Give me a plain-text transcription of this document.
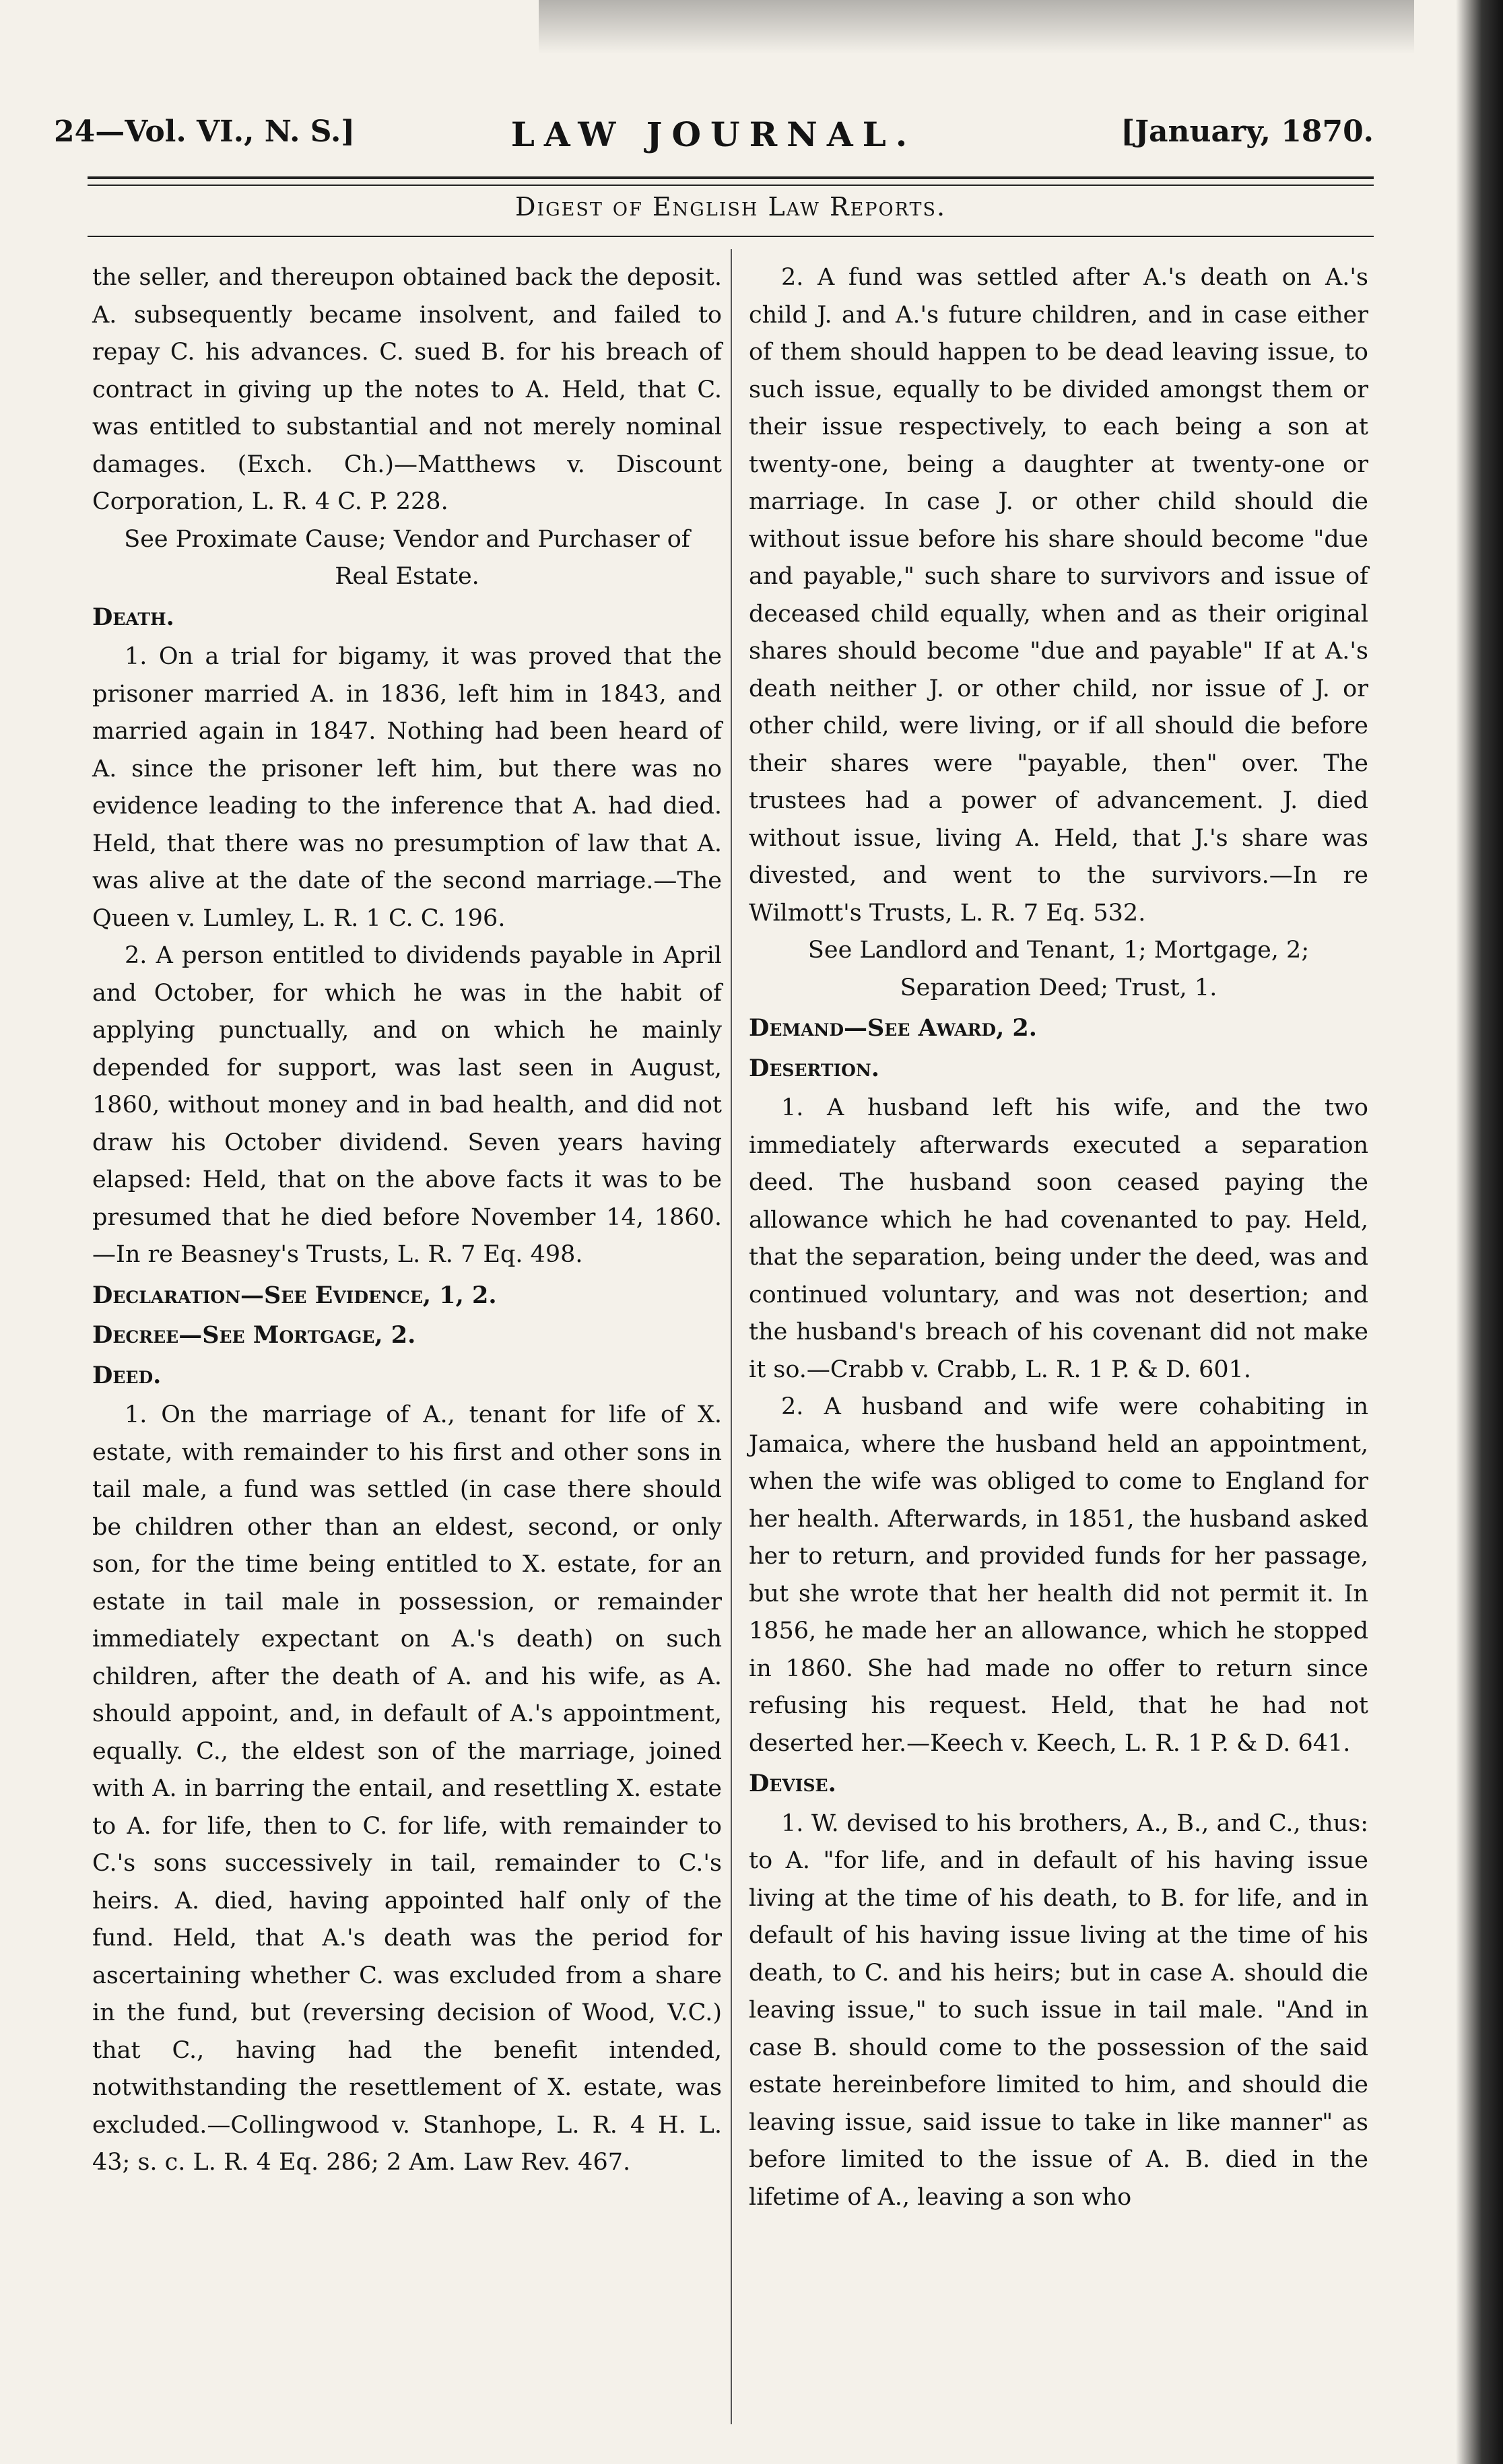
24—Vol. VI., N. S.]	LAW JOURNAL.	[January, 1870.
Digest of English Law Reports.

the seller, and thereupon obtained back the deposit. A. subsequently became insolvent, and failed to repay C. his advances. C. sued B. for his breach of contract in giving up the notes to A. Held, that C. was entitled to substantial and not merely nominal damages. (Exch. Ch.)—Matthews v. Discount Corporation, L. R. 4 C. P. 228.

See Proximate Cause; Vendor and Purchaser of Real Estate.

Death.

1. On a trial for bigamy, it was proved that the prisoner married A. in 1836, left him in 1843, and married again in 1847. Nothing had been heard of A. since the prisoner left him, but there was no evidence leading to the inference that A. had died. Held, that there was no presumption of law that A. was alive at the date of the second marriage.—The Queen v. Lumley, L. R. 1 C. C. 196.

2. A person entitled to dividends payable in April and October, for which he was in the habit of applying punctually, and on which he mainly depended for support, was last seen in August, 1860, without money and in bad health, and did not draw his October dividend. Seven years having elapsed: Held, that on the above facts it was to be presumed that he died before November 14, 1860.—In re Beasney's Trusts, L. R. 7 Eq. 498.

Declaration—See Evidence, 1, 2.

Decree—See Mortgage, 2.

Deed.

1. On the marriage of A., tenant for life of X. estate, with remainder to his first and other sons in tail male, a fund was settled (in case there should be children other than an eldest, second, or only son, for the time being entitled to X. estate, for an estate in tail male in possession, or remainder immediately expectant on A.'s death) on such children, after the death of A. and his wife, as A. should appoint, and, in default of A.'s appointment, equally. C., the eldest son of the marriage, joined with A. in barring the entail, and resettling X. estate to A. for life, then to C. for life, with remainder to C.'s sons successively in tail, remainder to C.'s heirs. A. died, having appointed half only of the fund. Held, that A.'s death was the period for ascertaining whether C. was excluded from a share in the fund, but (reversing decision of Wood, V.C.) that C., having had the benefit intended, notwithstanding the resettlement of X. estate, was excluded.—Collingwood v. Stanhope, L. R. 4 H. L. 43; s. c. L. R. 4 Eq. 286; 2 Am. Law Rev. 467.

2. A fund was settled after A.'s death on A.'s child J. and A.'s future children, and in case either of them should happen to be dead leaving issue, to such issue, equally to be divided amongst them or their issue respectively, to each being a son at twenty-one, being a daughter at twenty-one or marriage. In case J. or other child should die without issue before his share should become "due and payable," such share to survivors and issue of deceased child equally, when and as their original shares should become "due and payable" If at A.'s death neither J. or other child, nor issue of J. or other child, were living, or if all should die before their shares were "payable, then" over. The trustees had a power of advancement. J. died without issue, living A. Held, that J.'s share was divested, and went to the survivors.—In re Wilmott's Trusts, L. R. 7 Eq. 532.

See Landlord and Tenant, 1; Mortgage, 2; Separation Deed; Trust, 1.

Demand—See Award, 2.

Desertion.

1. A husband left his wife, and the two immediately afterwards executed a separation deed. The husband soon ceased paying the allowance which he had covenanted to pay. Held, that the separation, being under the deed, was and continued voluntary, and was not desertion; and the husband's breach of his covenant did not make it so.—Crabb v. Crabb, L. R. 1 P. & D. 601.

2. A husband and wife were cohabiting in Jamaica, where the husband held an appointment, when the wife was obliged to come to England for her health. Afterwards, in 1851, the husband asked her to return, and provided funds for her passage, but she wrote that her health did not permit it. In 1856, he made her an allowance, which he stopped in 1860. She had made no offer to return since refusing his request. Held, that he had not deserted her.—Keech v. Keech, L. R. 1 P. & D. 641.

Devise.

1. W. devised to his brothers, A., B., and C., thus: to A. "for life, and in default of his having issue living at the time of his death, to B. for life, and in default of his having issue living at the time of his death, to C. and his heirs; but in case A. should die leaving issue," to such issue in tail male. "And in case B. should come to the possession of the said estate hereinbefore limited to him, and should die leaving issue, said issue to take in like manner" as before limited to the issue of A. B. died in the lifetime of A., leaving a son who
